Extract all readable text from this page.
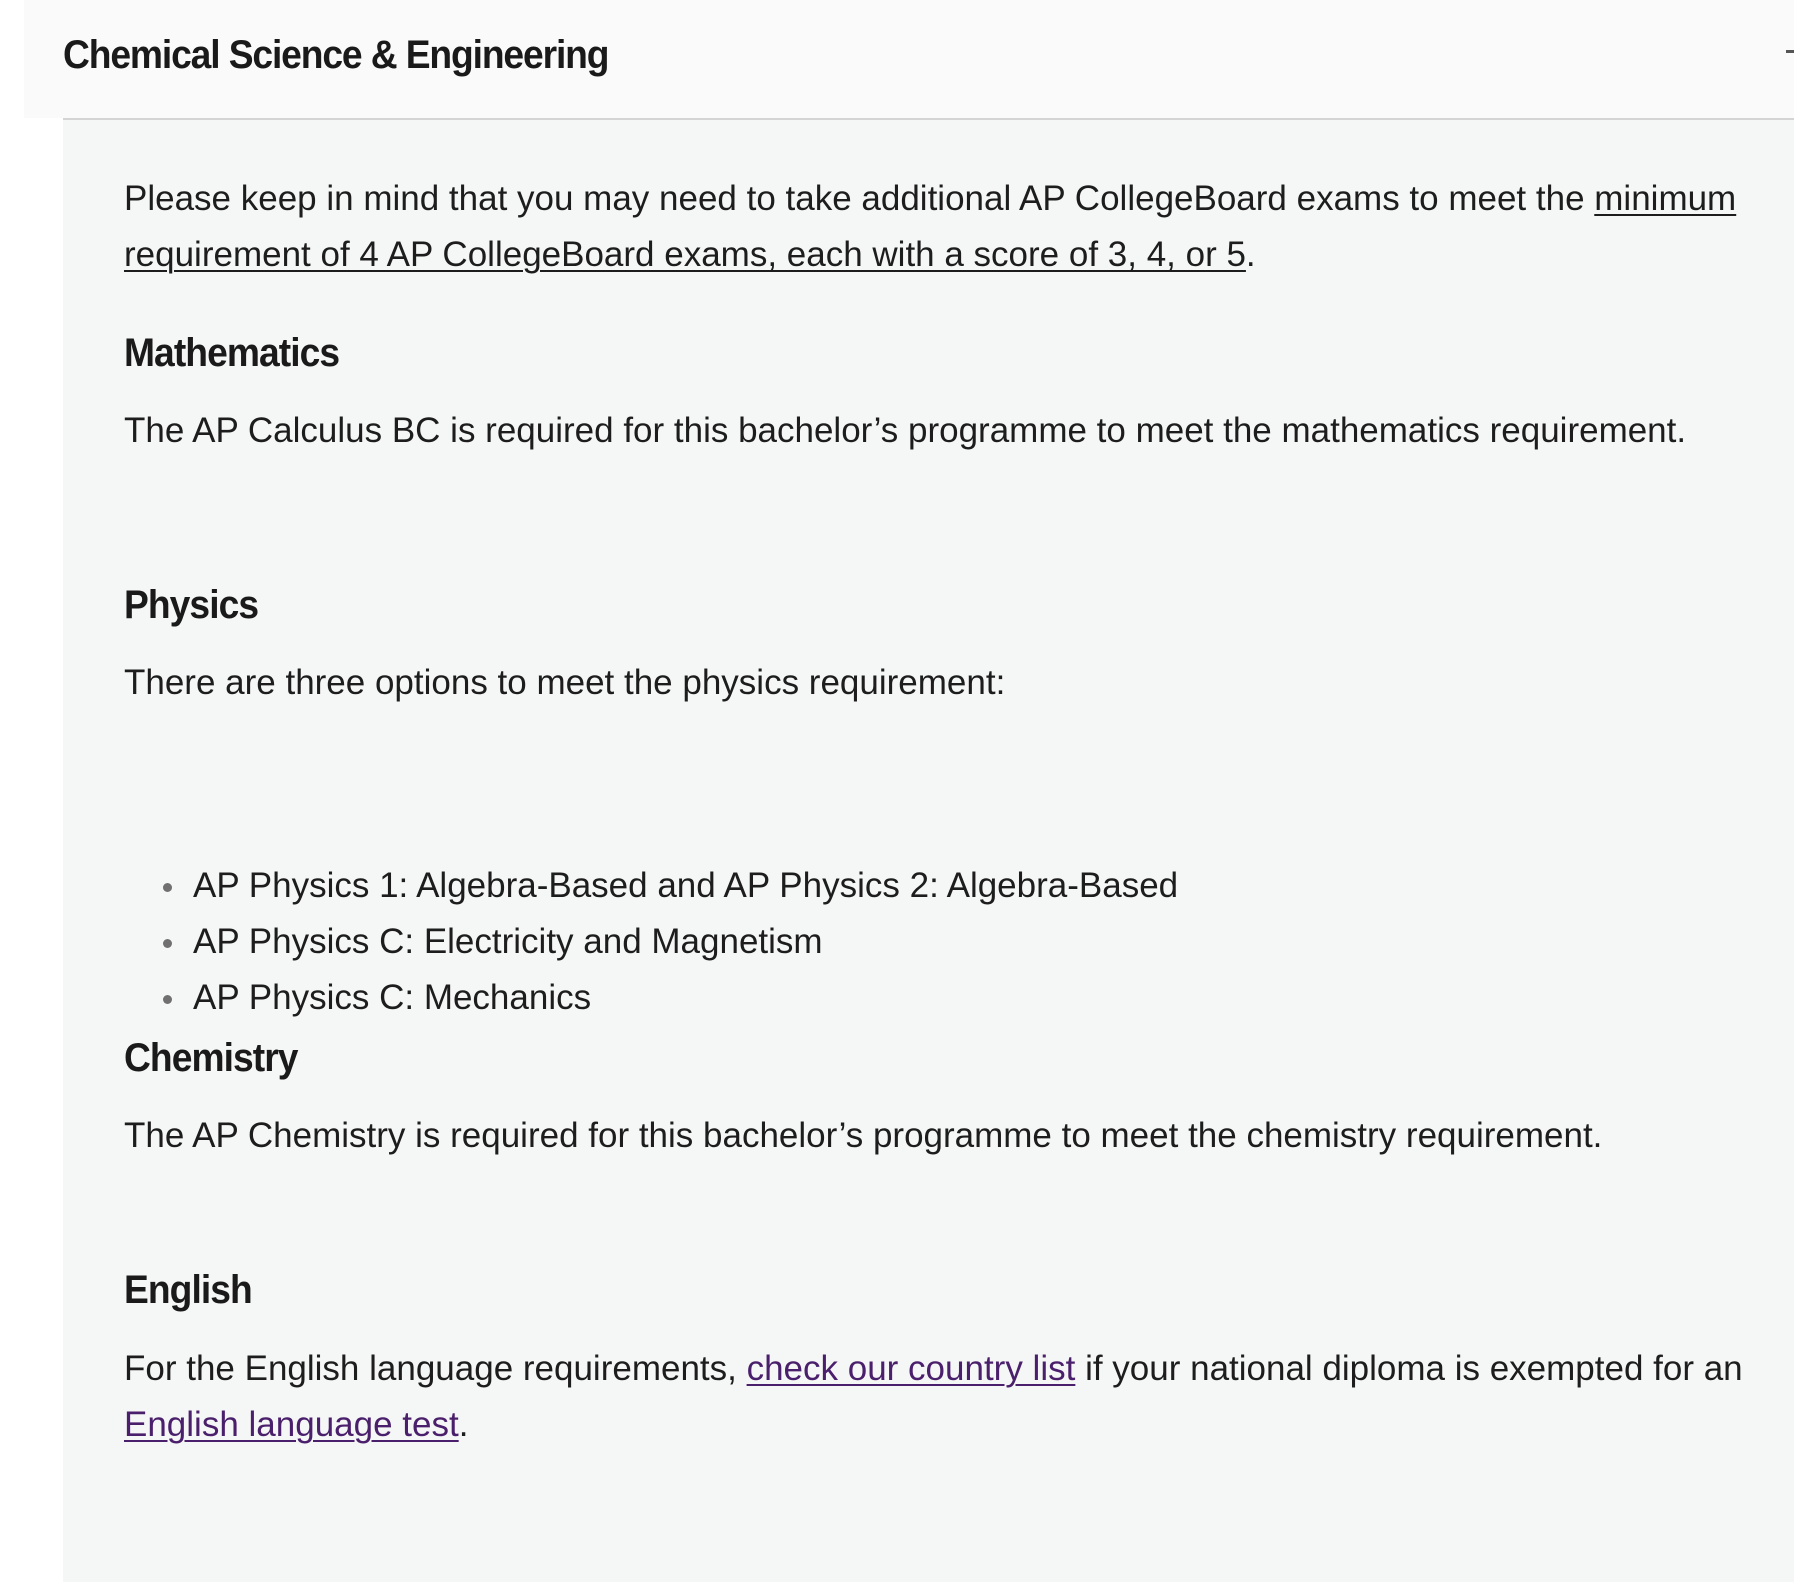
Chemical Science & Engineering

Please keep in mind that you may need to take additional AP CollegeBoard exams to meet the minimum requirement of 4 AP CollegeBoard exams, each with a score of 3, 4, or 5.

Mathematics

The AP Calculus BC is required for this bachelor’s programme to meet the mathematics requirement.

Physics

There are three options to meet the physics requirement:

AP Physics 1: Algebra-Based and AP Physics 2: Algebra-Based
AP Physics C: Electricity and Magnetism
AP Physics C: Mechanics
Chemistry

The AP Chemistry is required for this bachelor’s programme to meet the chemistry requirement.

English

For the English language requirements, check our country list if your national diploma is exempted for an English language test.
